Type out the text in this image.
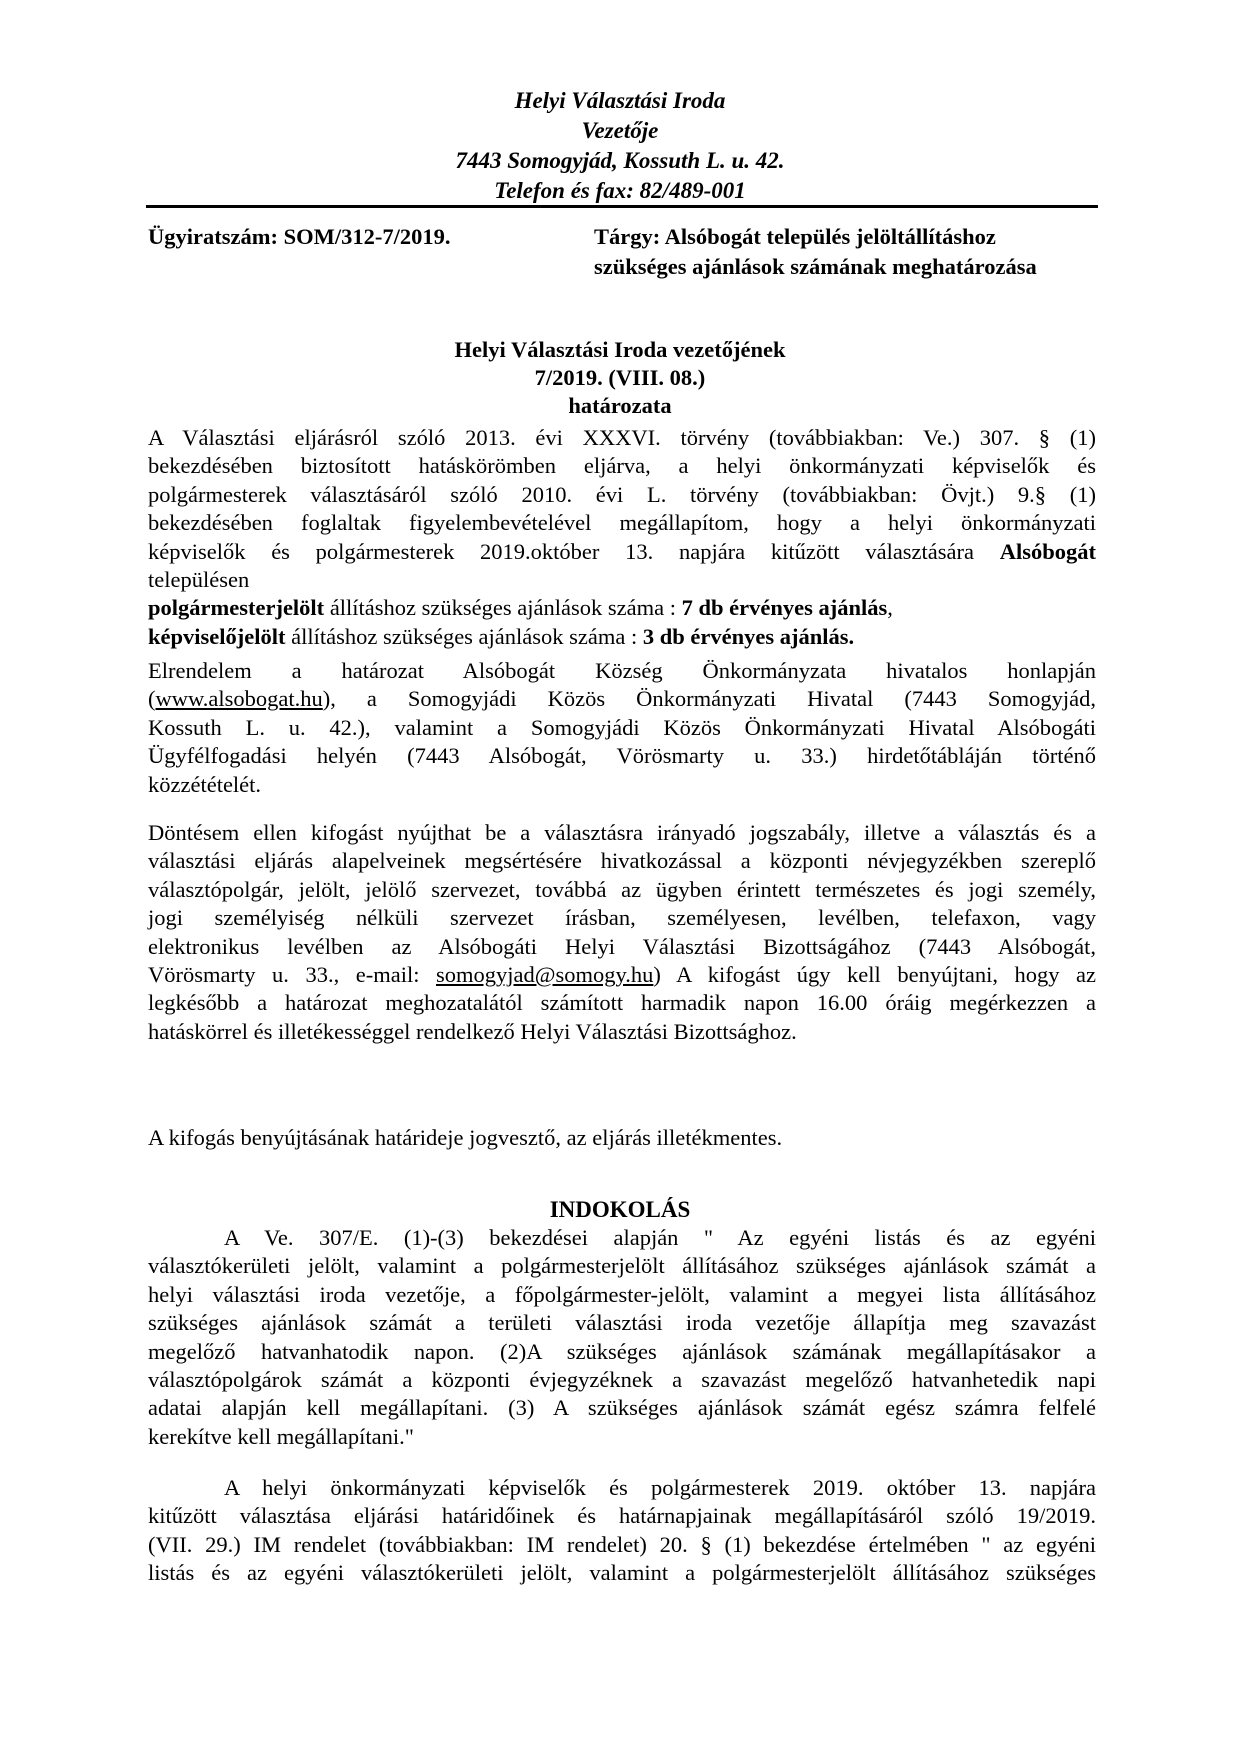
Helyi Választási Iroda
Vezetője
7443 Somogyjád, Kossuth L. u. 42.
Telefon és fax: 82/489-001
Ügyiratszám: SOM/312-7/2019.	Tárgy: Alsóbogát település jelöltállításhoz
szükséges ajánlások számának meghatározása
Helyi Választási Iroda vezetőjének
7/2019. (VIII. 08.)
határozata
A Választási eljárásról szóló 2013. évi XXXVI. törvény (továbbiakban: Ve.) 307. § (1)
bekezdésében biztosított hatáskörömben eljárva, a helyi önkormányzati képviselők és
polgármesterek választásáról szóló 2010. évi L. törvény (továbbiakban: Övjt.) 9.§ (1)
bekezdésében foglaltak figyelembevételével megállapítom, hogy a helyi önkormányzati
képviselők és polgármesterek 2019.október 13. napjára kitűzött választására Alsóbogát
településen
polgármesterjelölt állításhoz szükséges ajánlások száma : 7 db érvényes ajánlás,
képviselőjelölt állításhoz szükséges ajánlások száma : 3 db érvényes ajánlás.
Elrendelem a határozat Alsóbogát Község Önkormányzata hivatalos honlapján
(www.alsobogat.hu), a Somogyjádi Közös Önkormányzati Hivatal (7443 Somogyjád,
Kossuth L. u. 42.), valamint a Somogyjádi Közös Önkormányzati Hivatal Alsóbogáti
Ügyfélfogadási helyén (7443 Alsóbogát, Vörösmarty u. 33.) hirdetőtábláján történő
közzétételét.
Döntésem ellen kifogást nyújthat be a választásra irányadó jogszabály, illetve a választás és a
választási eljárás alapelveinek megsértésére hivatkozással a központi névjegyzékben szereplő
választópolgár, jelölt, jelölő szervezet, továbbá az ügyben érintett természetes és jogi személy,
jogi személyiség nélküli szervezet írásban, személyesen, levélben, telefaxon, vagy
elektronikus levélben az Alsóbogáti Helyi Választási Bizottságához (7443 Alsóbogát,
Vörösmarty u. 33., e-mail: somogyjad@somogy.hu) A kifogást úgy kell benyújtani, hogy az
legkésőbb a határozat meghozatalától számított harmadik napon 16.00 óráig megérkezzen a
hatáskörrel és illetékességgel rendelkező Helyi Választási Bizottsághoz.
A kifogás benyújtásának határideje jogvesztő, az eljárás illetékmentes.
INDOKOLÁS
A Ve. 307/E. (1)-(3) bekezdései alapján " Az egyéni listás és az egyéni
választókerületi jelölt, valamint a polgármesterjelölt állításához szükséges ajánlások számát a
helyi választási iroda vezetője, a főpolgármester-jelölt, valamint a megyei lista állításához
szükséges ajánlások számát a területi választási iroda vezetője állapítja meg szavazást
megelőző hatvanhatodik napon. (2)A szükséges ajánlások számának megállapításakor a
választópolgárok számát a központi évjegyzéknek a szavazást megelőző hatvanhetedik napi
adatai alapján kell megállapítani. (3) A szükséges ajánlások számát egész számra felfelé
kerekítve kell megállapítani."
A helyi önkormányzati képviselők és polgármesterek 2019. október 13. napjára
kitűzött választása eljárási határidőinek és határnapjainak megállapításáról szóló 19/2019.
(VII. 29.) IM rendelet (továbbiakban: IM rendelet) 20. § (1) bekezdése értelmében " az egyéni
listás és az egyéni választókerületi jelölt, valamint a polgármesterjelölt állításához szükséges
